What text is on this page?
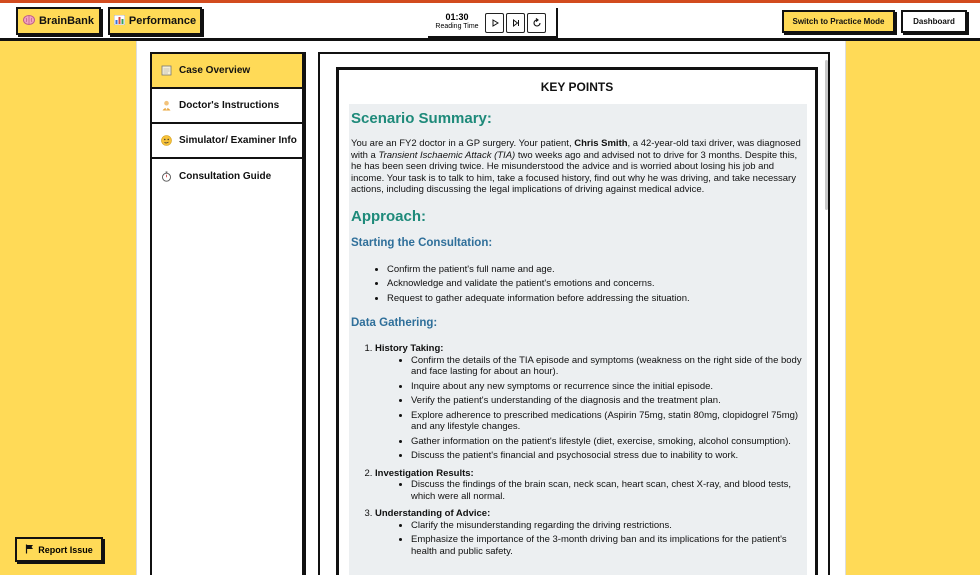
BrainBank	Performance	01:30
Reading Time
Switch to Practice Mode	Dashboard
Case Overview
Doctor's Instructions
Simulator/ Examiner Info
Consultation Guide
Report Issue
KEY POINTS
Scenario Summary:

You are an FY2 doctor in a GP surgery. Your patient, Chris Smith, a 42-year-old taxi driver, was diagnosed with a Transient Ischaemic Attack (TIA) two weeks ago and advised not to drive for 3 months. Despite this, he has been seen driving twice. He misunderstood the advice and is worried about losing his job and income. Your task is to talk to him, take a focused history, find out why he was driving, and take necessary actions, including discussing the legal implications of driving against medical advice.

Approach:
Starting the Consultation:
• Confirm the patient's full name and age.
• Acknowledge and validate the patient's emotions and concerns.
• Request to gather adequate information before addressing the situation.
Data Gathering:
1. History Taking:
• Confirm the details of the TIA episode and symptoms (weakness on the right side of the body and face lasting for about an hour).
• Inquire about any new symptoms or recurrence since the initial episode.
• Verify the patient's understanding of the diagnosis and the treatment plan.
• Explore adherence to prescribed medications (Aspirin 75mg, statin 80mg, clopidogrel 75mg) and any lifestyle changes.
• Gather information on the patient's lifestyle (diet, exercise, smoking, alcohol consumption).
• Discuss the patient's financial and psychosocial stress due to inability to work.
2. Investigation Results:
• Discuss the findings of the brain scan, neck scan, heart scan, chest X-ray, and blood tests, which were all normal.
3. Understanding of Advice:
• Clarify the misunderstanding regarding the driving restrictions.
• Emphasize the importance of the 3-month driving ban and its implications for the patient's health and public safety.
